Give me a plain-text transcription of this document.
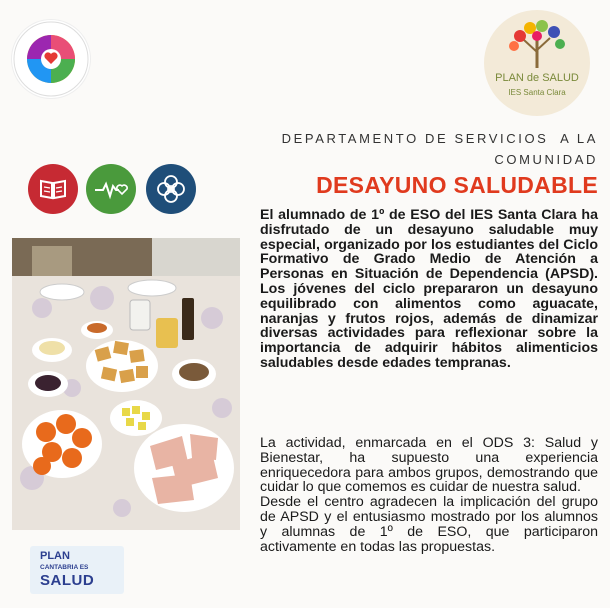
PLAN de SALUD
IES Santa Clara
DEPARTAMENTO DE SERVICIOS  A LA
COMUNIDAD
DESAYUNO SALUDABLE
El alumnado de 1º de ESO del IES Santa Clara ha disfrutado de un desayuno saludable muy especial, organizado por los estudiantes del Ciclo Formativo de Grado Medio de Atención a Personas en Situación de Dependencia (APSD). Los jóvenes del ciclo prepararon un desayuno equilibrado con alimentos como aguacate, naranjas y frutos rojos, además de dinamizar diversas actividades para reflexionar sobre la importancia de adquirir hábitos alimenticios saludables desde edades tempranas.

La actividad, enmarcada en el ODS 3: Salud y Bienestar, ha supuesto una experiencia enriquecedora para ambos grupos, demostrando que cuidar lo que comemos es cuidar de nuestra salud.

Desde el centro agradecen la implicación del grupo de APSD y el entusiasmo mostrado por los alumnos y alumnas de 1º de ESO, que participaron activamente en todas las propuestas.

PLAN
CANTABRIA ES
SALUD
